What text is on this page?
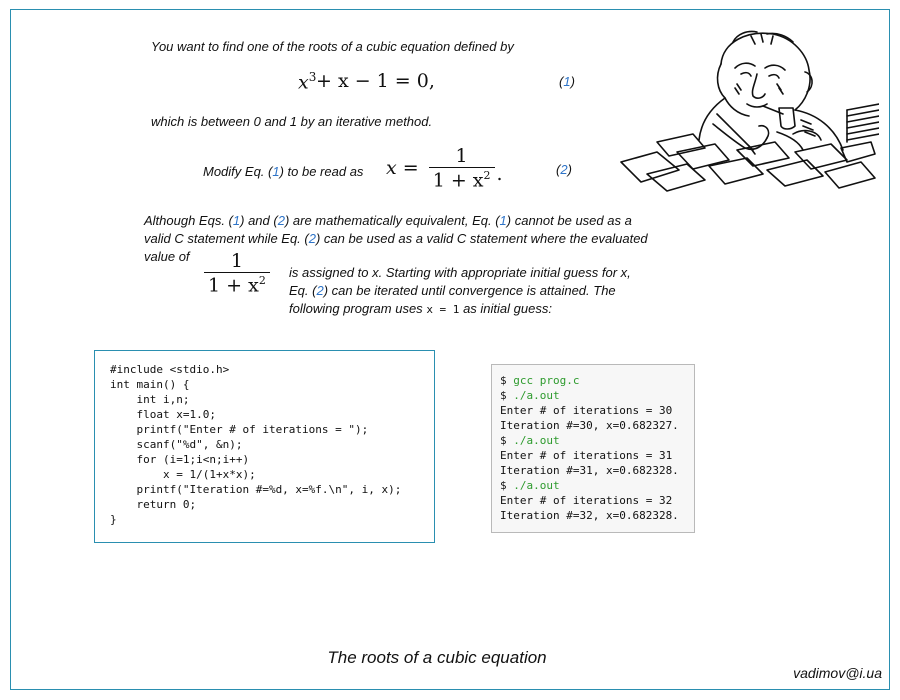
You want to find one of the roots of a cubic equation defined by
$x^3 + x - 1 = 0$,	(1)
which is between 0 and 1 by an iterative method.
Modify Eq. (1) to be read as $x = \frac{1}{1 + x^2}$ .	(2)
Although Eqs. (1) and (2) are mathematically equivalent, Eq. (1) cannot be used as a
valid C statement while Eq. (2) can be used as a valid C statement where the evaluated
value of $\frac{1}{1 + x^2}$ is assigned to x. Starting with appropriate initial guess for x,
Eq. (2) can be iterated until convergence is attained. The
following program uses x = 1 as initial guess:
#include <stdio.h>
int main() {
int i,n;
float x=1.0;
printf("Enter # of iterations = ");
scanf("%d", &n);
for (i=1;i<n;i++)
x = 1/(1+x*x);
printf("Iteration #=%d, x=%f.\n", i, x);
return 0;
}
$ gcc prog.c
$ ./a.out
Enter # of iterations = 30
Iteration #=30, x=0.682327.
$ ./a.out
Enter # of iterations = 31
Iteration #=31, x=0.682328.
$ ./a.out
Enter # of iterations = 32
Iteration #=32, x=0.682328.
The roots of a cubic equation
vadimov@i.ua
